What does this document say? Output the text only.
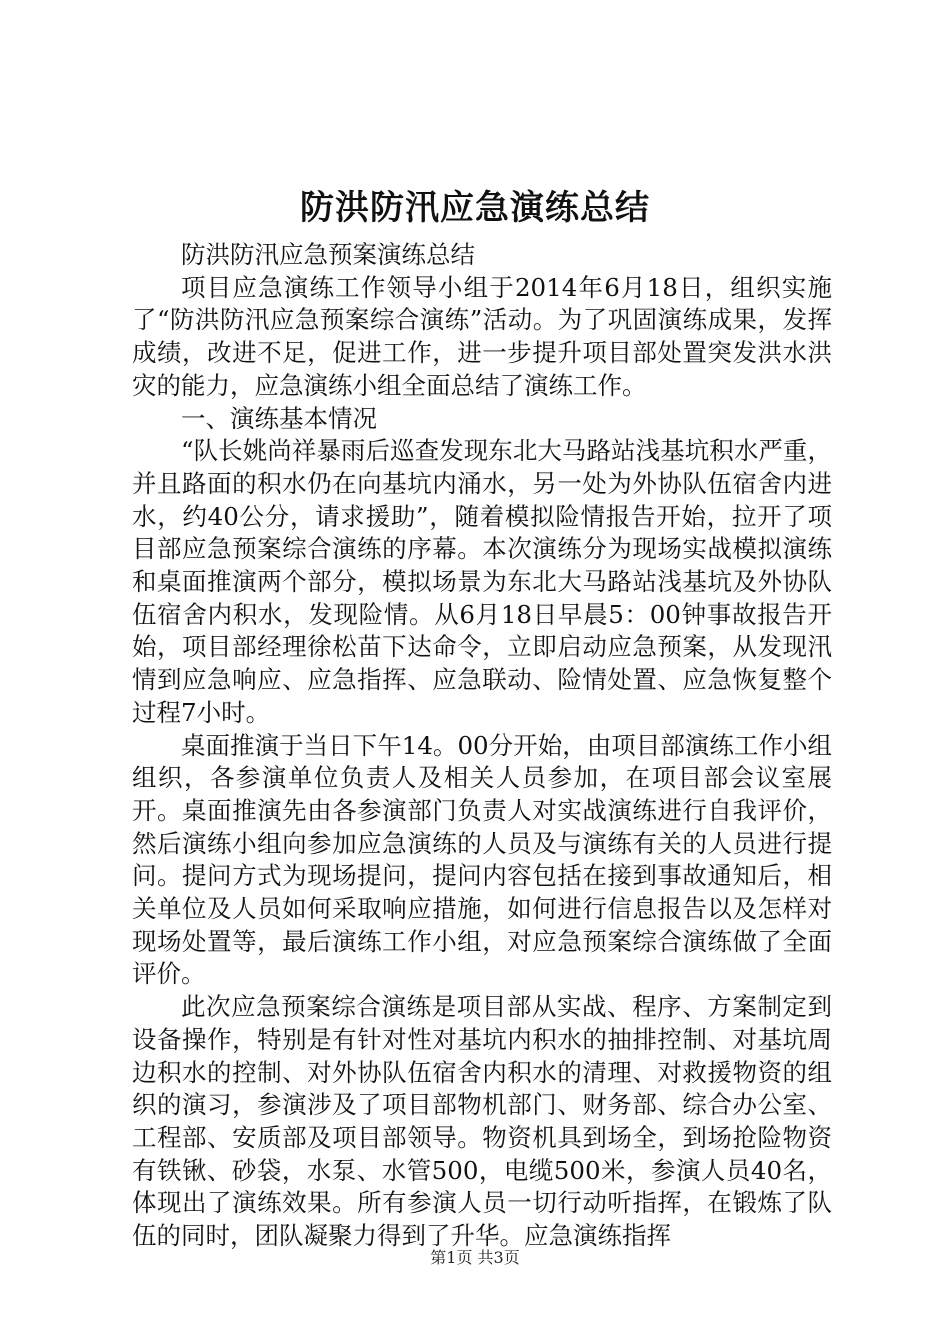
防洪防汛应急演练总结

防洪防汛应急预案演练总结

项目应急演练工作领导小组于2014年6月18日，组织实施了“防洪防汛应急预案综合演练”活动。为了巩固演练成果，发挥成绩，改进不足，促进工作，进一步提升项目部处置突发洪水洪灾的能力，应急演练小组全面总结了演练工作。

一、演练基本情况

“队长姚尚祥暴雨后巡查发现东北大马路站浅基坑积水严重，并且路面的积水仍在向基坑内涌水，另一处为外协队伍宿舍内进水，约40公分，请求援助”，随着模拟险情报告开始，拉开了项目部应急预案综合演练的序幕。本次演练分为现场实战模拟演练和桌面推演两个部分，模拟场景为东北大马路站浅基坑及外协队伍宿舍内积水，发现险情。从6月18日早晨5：00钟事故报告开始，项目部经理徐松苗下达命令，立即启动应急预案，从发现汛情到应急响应、应急指挥、应急联动、险情处置、应急恢复整个过程7小时。

桌面推演于当日下午14。00分开始，由项目部演练工作小组组织，各参演单位负责人及相关人员参加，在项目部会议室展开。桌面推演先由各参演部门负责人对实战演练进行自我评价，然后演练小组向参加应急演练的人员及与演练有关的人员进行提问。提问方式为现场提问，提问内容包括在接到事故通知后，相关单位及人员如何采取响应措施，如何进行信息报告以及怎样对现场处置等，最后演练工作小组，对应急预案综合演练做了全面评价。

此次应急预案综合演练是项目部从实战、程序、方案制定到设备操作，特别是有针对性对基坑内积水的抽排控制、对基坑周边积水的控制、对外协队伍宿舍内积水的清理、对救援物资的组织的演习，参演涉及了项目部物机部门、财务部、综合办公室、工程部、安质部及项目部领导。物资机具到场全，到场抢险物资有铁锹、砂袋，水泵、水管500，电缆500米，参演人员40名，体现出了演练效果。所有参演人员一切行动听指挥，在锻炼了队伍的同时，团队凝聚力得到了升华。应急演练指挥

第1页 共3页
